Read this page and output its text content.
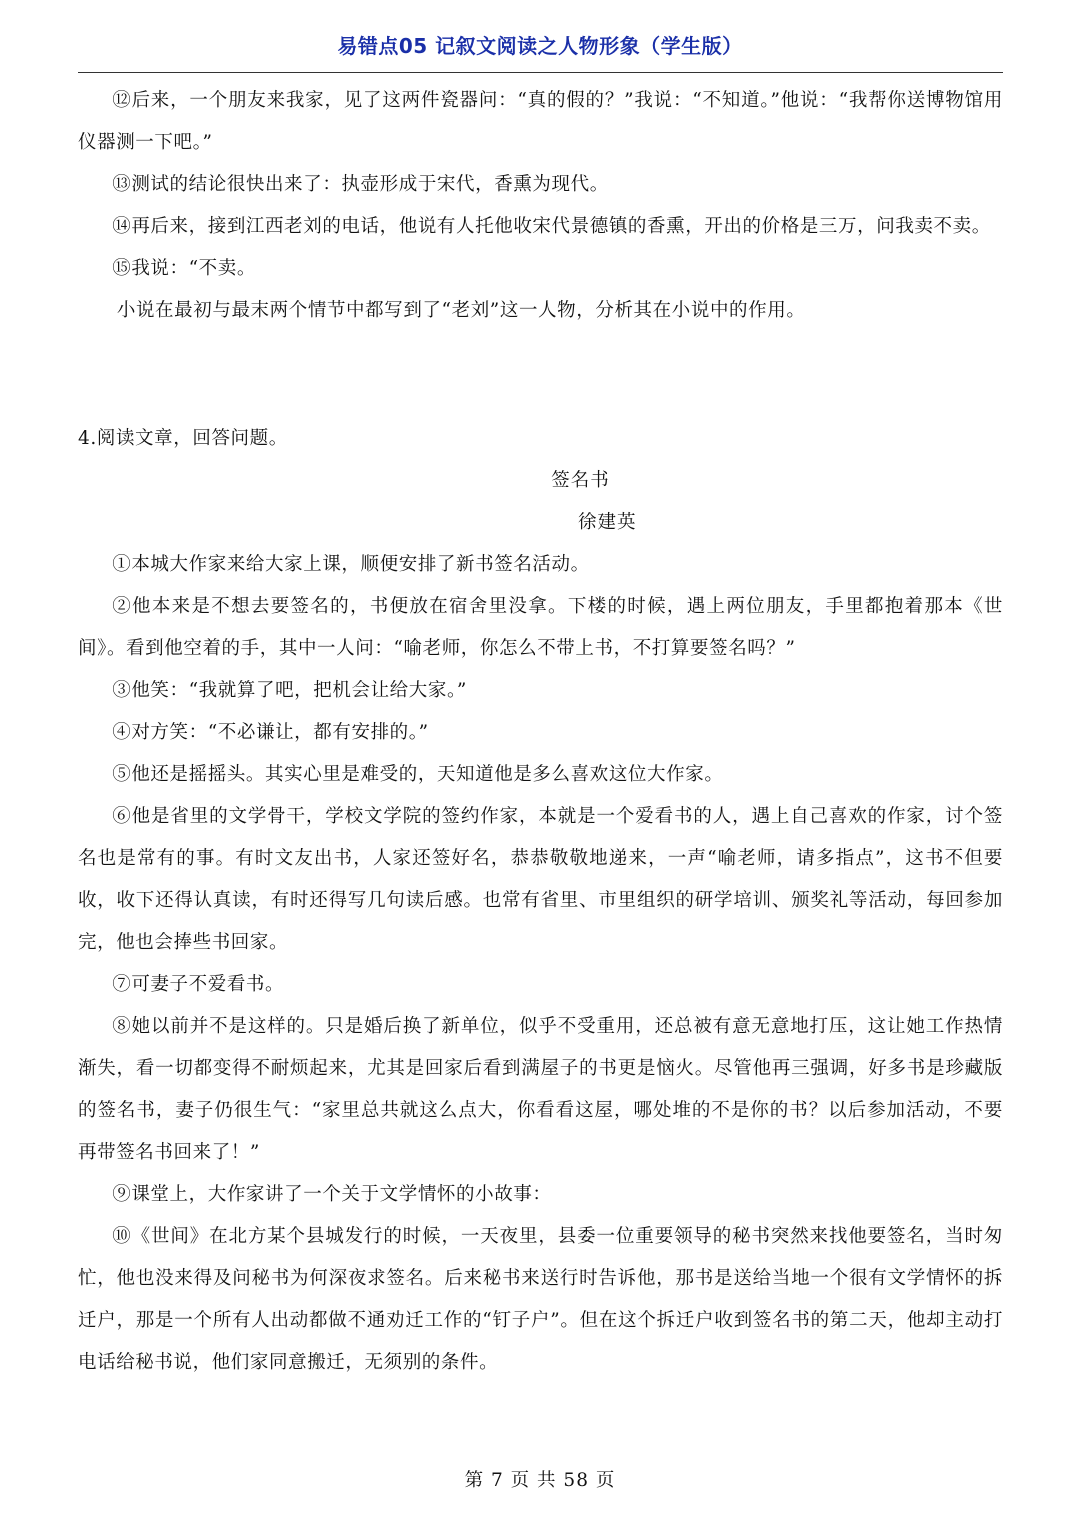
易错点05 记叙文阅读之人物形象（学生版）

⑫后来，一个朋友来我家，见了这两件瓷器问：“真的假的？”我说：“不知道。”他说：“我帮你送博物馆用仪器测一下吧。”

⑬测试的结论很快出来了：执壶形成于宋代，香熏为现代。

⑭再后来，接到江西老刘的电话，他说有人托他收宋代景德镇的香熏，开出的价格是三万，问我卖不卖。

⑮我说：“不卖。

小说在最初与最末两个情节中都写到了“老刘”这一人物，分析其在小说中的作用。

4.阅读文章，回答问题。

签名书

徐建英

①本城大作家来给大家上课，顺便安排了新书签名活动。

②他本来是不想去要签名的，书便放在宿舍里没拿。下楼的时候，遇上两位朋友，手里都抱着那本《世间》。看到他空着的手，其中一人问：“喻老师，你怎么不带上书，不打算要签名吗？”

③他笑：“我就算了吧，把机会让给大家。”

④对方笑：“不必谦让，都有安排的。”

⑤他还是摇摇头。其实心里是难受的，天知道他是多么喜欢这位大作家。

⑥他是省里的文学骨干，学校文学院的签约作家，本就是一个爱看书的人，遇上自己喜欢的作家，讨个签名也是常有的事。有时文友出书，人家还签好名，恭恭敬敬地递来，一声“喻老师，请多指点”，这书不但要收，收下还得认真读，有时还得写几句读后感。也常有省里、市里组织的研学培训、颁奖礼等活动，每回参加完，他也会捧些书回家。

⑦可妻子不爱看书。

⑧她以前并不是这样的。只是婚后换了新单位，似乎不受重用，还总被有意无意地打压，这让她工作热情渐失，看一切都变得不耐烦起来，尤其是回家后看到满屋子的书更是恼火。尽管他再三强调，好多书是珍藏版的签名书，妻子仍很生气：“家里总共就这么点大，你看看这屋，哪处堆的不是你的书？以后参加活动，不要再带签名书回来了！”

⑨课堂上，大作家讲了一个关于文学情怀的小故事：

⑩《世间》在北方某个县城发行的时候，一天夜里，县委一位重要领导的秘书突然来找他要签名，当时匆忙，他也没来得及问秘书为何深夜求签名。后来秘书来送行时告诉他，那书是送给当地一个很有文学情怀的拆迁户，那是一个所有人出动都做不通劝迁工作的“钉子户”。但在这个拆迁户收到签名书的第二天，他却主动打电话给秘书说，他们家同意搬迁，无须别的条件。

第 7 页 共 58 页
